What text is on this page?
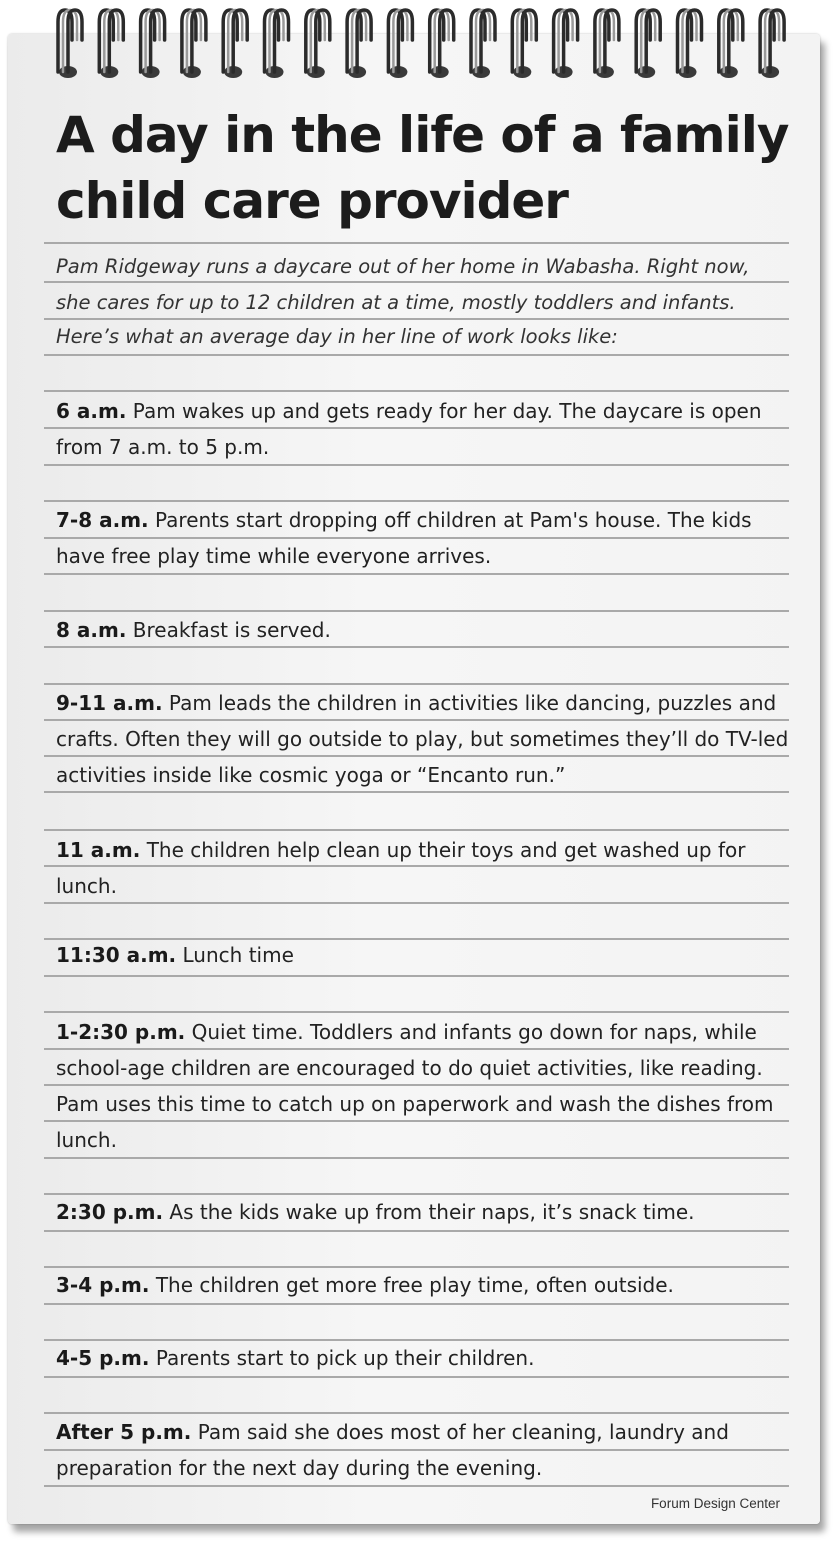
A day in the life of a family child care provider
Pam Ridgeway runs a daycare out of her home in Wabasha. Right now,
she cares for up to 12 children at a time, mostly toddlers and infants.
Here’s what an average day in her line of work looks like:
6 a.m. Pam wakes up and gets ready for her day. The daycare is open from 7 a.m. to 5 p.m.
7-8 a.m. Parents start dropping off children at Pam's house. The kids have free play time while everyone arrives.
8 a.m. Breakfast is served.
9-11 a.m. Pam leads the children in activities like dancing, puzzles and crafts. Often they will go outside to play, but sometimes they’ll do TV-led activities inside like cosmic yoga or “Encanto run.”
11 a.m. The children help clean up their toys and get washed up for lunch.
11:30 a.m. Lunch time
1-2:30 p.m. Quiet time. Toddlers and infants go down for naps, while school-age children are encouraged to do quiet activities, like reading. Pam uses this time to catch up on paperwork and wash the dishes from lunch.
2:30 p.m. As the kids wake up from their naps, it’s snack time.
3-4 p.m. The children get more free play time, often outside.
4-5 p.m. Parents start to pick up their children.
After 5 p.m. Pam said she does most of her cleaning, laundry and preparation for the next day during the evening.
Forum Design Center
